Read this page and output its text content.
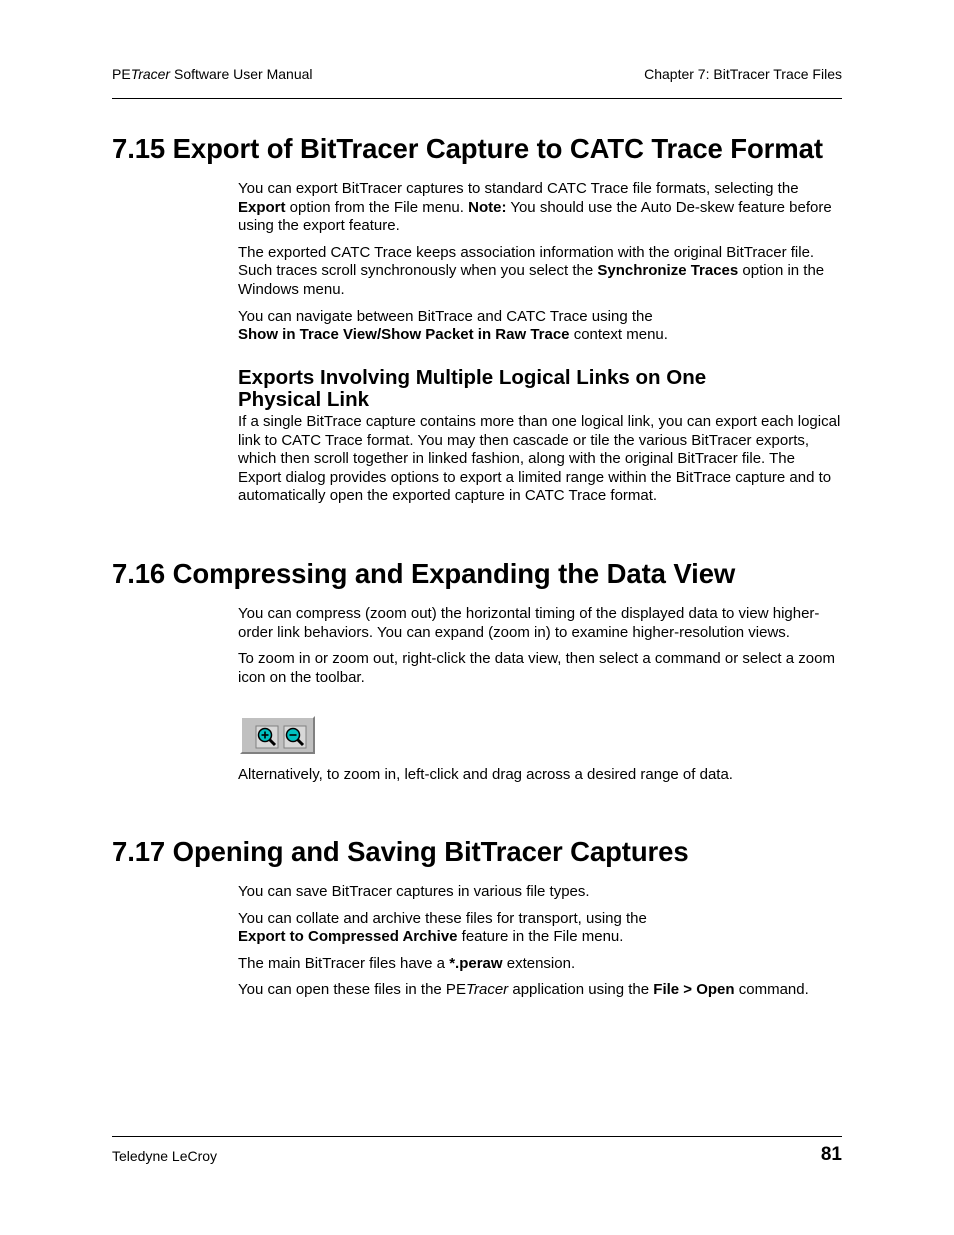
PETracer Software User Manual	Chapter 7: BitTracer Trace Files
7.15 Export of BitTracer Capture to CATC Trace Format

You can export BitTracer captures to standard CATC Trace file formats, selecting the Export option from the File menu. Note: You should use the Auto De-skew feature before using the export feature.

The exported CATC Trace keeps association information with the original BitTracer file. Such traces scroll synchronously when you select the Synchronize Traces option in the Windows menu.

You can navigate between BitTrace and CATC Trace using the
Show in Trace View/Show Packet in Raw Trace context menu.

Exports Involving Multiple Logical Links on One Physical Link

If a single BitTrace capture contains more than one logical link, you can export each logical link to CATC Trace format. You may then cascade or tile the various BitTracer exports, which then scroll together in linked fashion, along with the original BitTracer file. The Export dialog provides options to export a limited range within the BitTrace capture and to automatically open the exported capture in CATC Trace format.

7.16 Compressing and Expanding the Data View

You can compress (zoom out) the horizontal timing of the displayed data to view higher-order link behaviors. You can expand (zoom in) to examine higher-resolution views.

To zoom in or zoom out, right-click the data view, then select a command or select a zoom icon on the toolbar.

Alternatively, to zoom in, left-click and drag across a desired range of data.

7.17 Opening and Saving BitTracer Captures

You can save BitTracer captures in various file types.

You can collate and archive these files for transport, using the
Export to Compressed Archive feature in the File menu.

The main BitTracer files have a *.peraw extension.

You can open these files in the PETracer application using the File > Open command.

Teledyne LeCroy	81
